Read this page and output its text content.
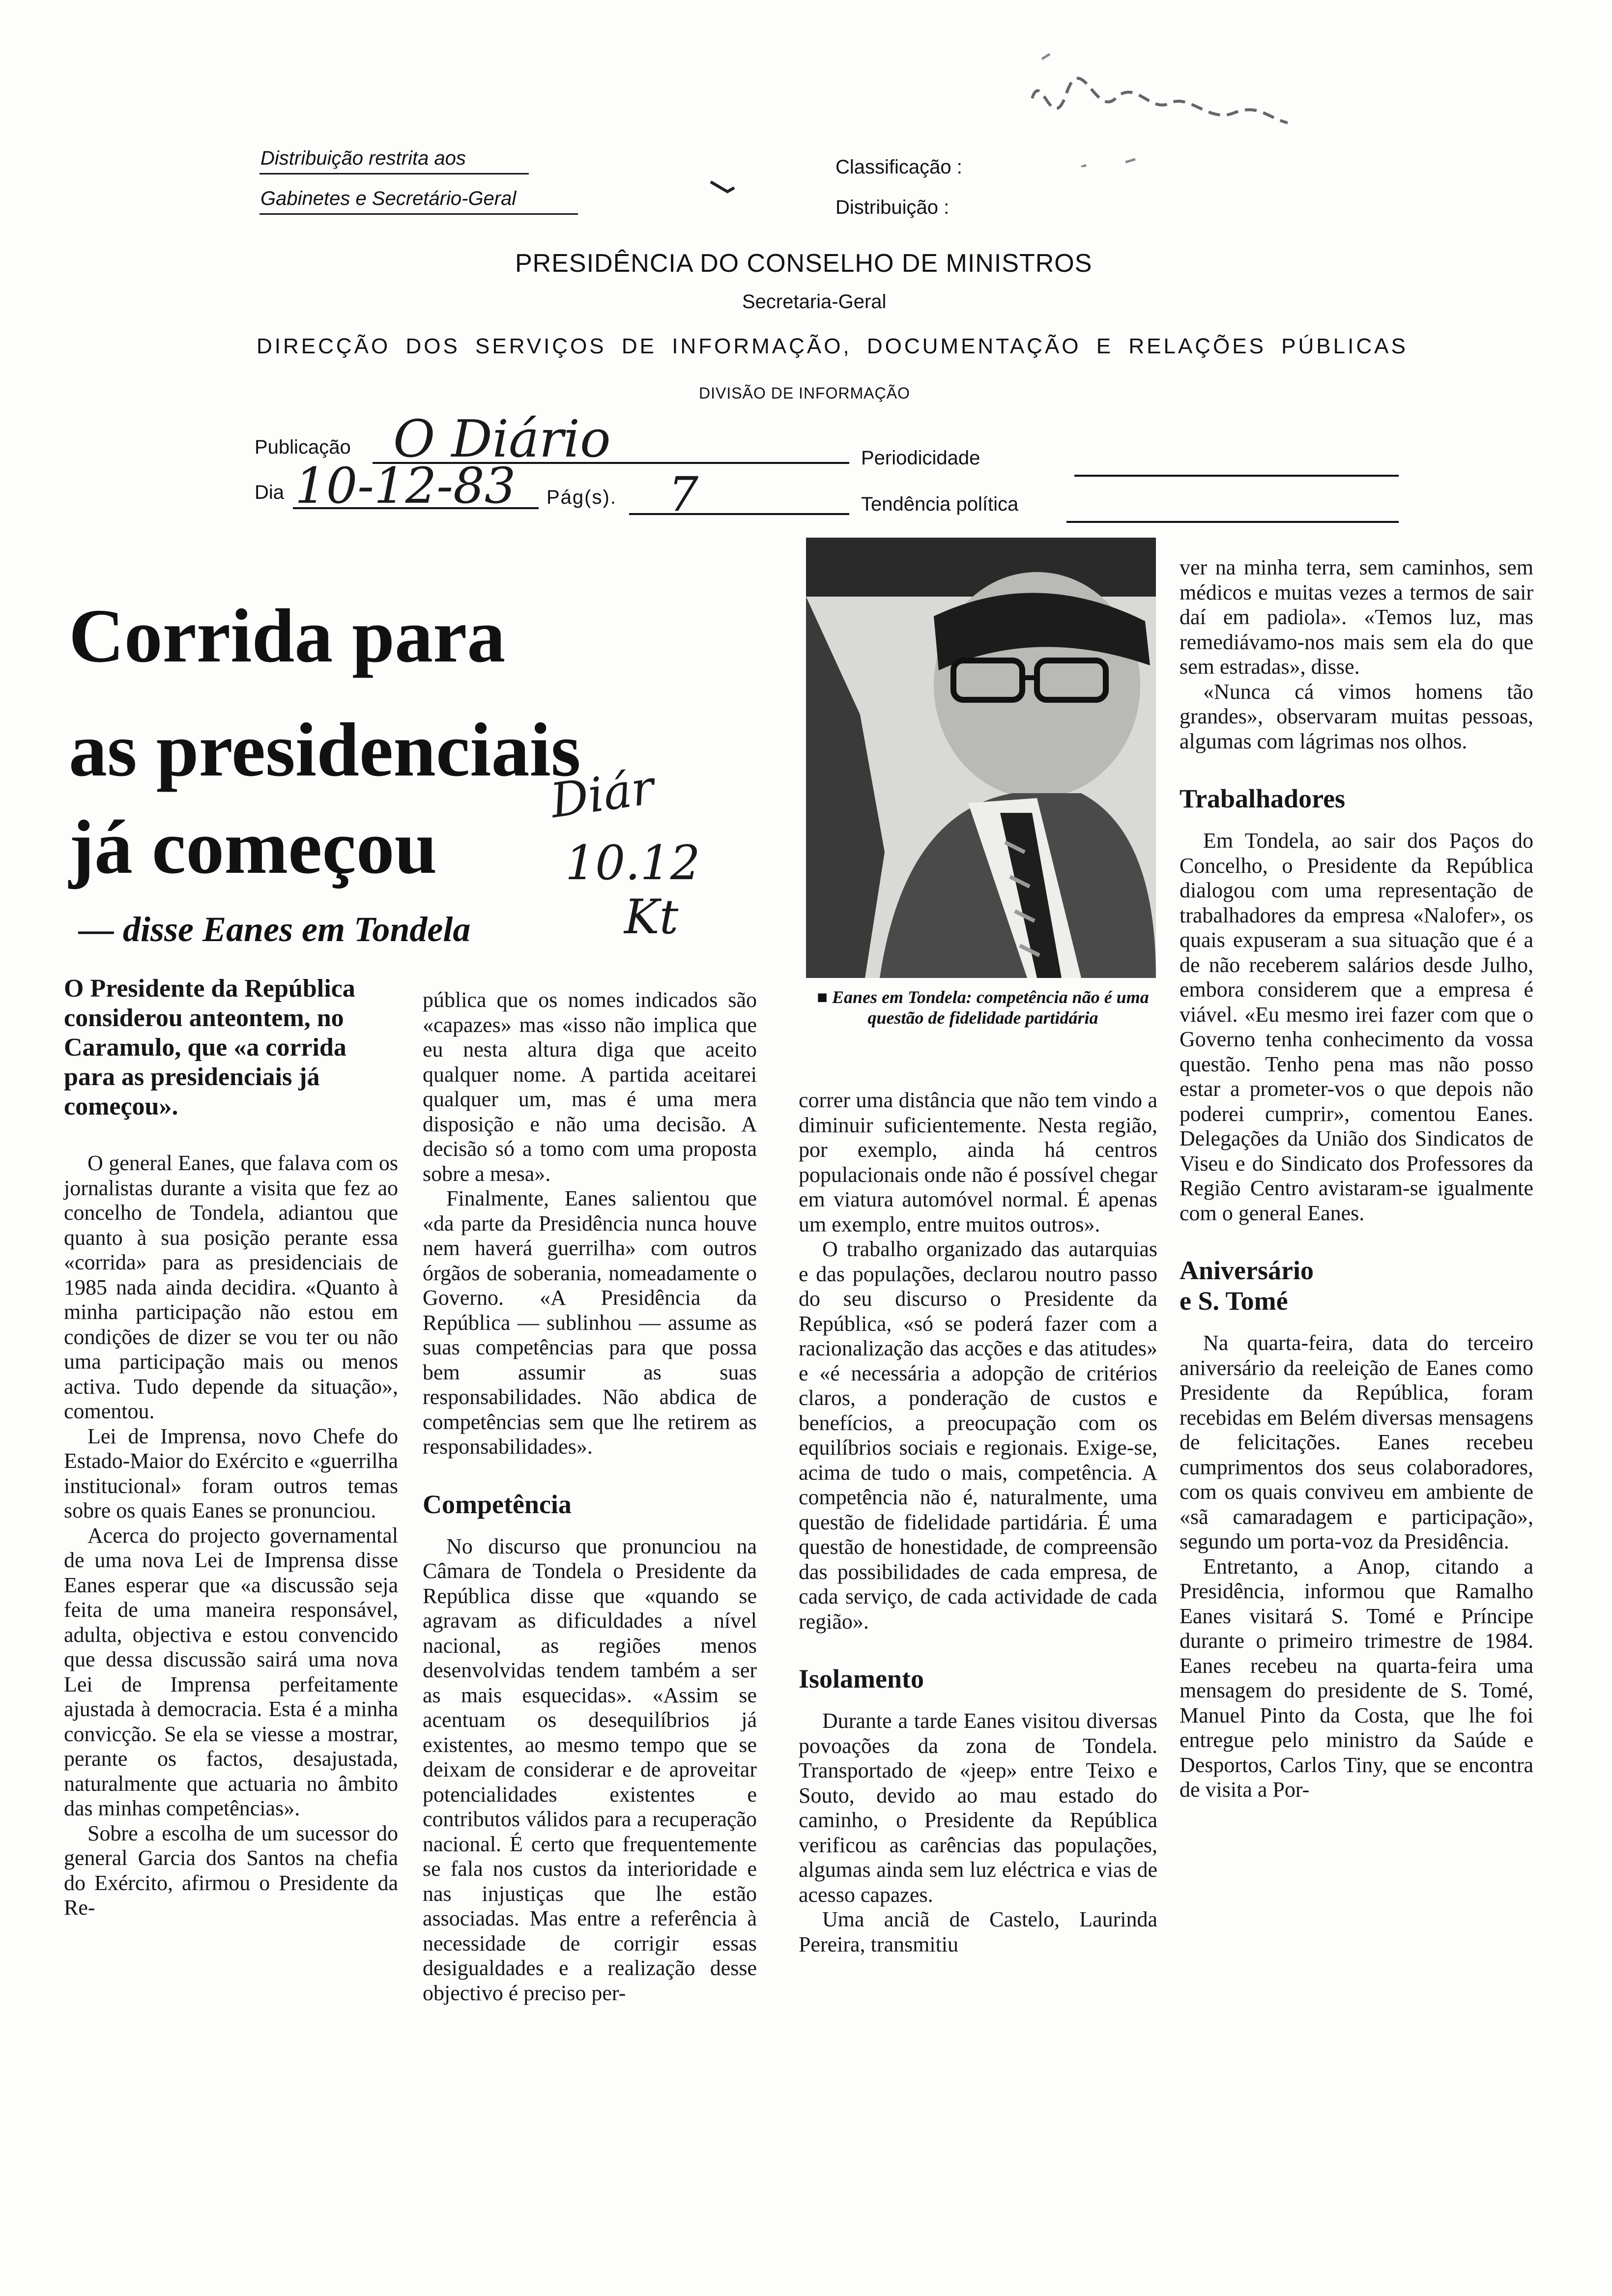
Distribuição restrita aos
Gabinetes e Secretário-Geral
Classificação :
Distribuição :
PRESIDÊNCIA DO CONSELHO DE MINISTROS
Secretaria-Geral
DIRECÇÃO DOS SERVIÇOS DE INFORMAÇÃO, DOCUMENTAÇÃO E RELAÇÕES PÚBLICAS
DIVISÃO DE INFORMAÇÃO
Publicação O Diário	Periodicidade
Dia 10-12-83 Pág(s). 7	Tendência política
Corrida para
as presidenciais
já começou
— disse Eanes em Tondela
Diár
10.12
Kt
■ Eanes em Tondela: competência não é uma questão de fidelidade partidária

O Presidente da República considerou anteontem, no Caramulo, que «a corrida para as presidenciais já começou».

O general Eanes, que falava com os jornalistas durante a visita que fez ao concelho de Tondela, adiantou que quanto à sua posição perante essa «corrida» para as presidenciais de 1985 nada ainda decidira. «Quanto à minha participação não estou em condições de dizer se vou ter ou não uma participação mais ou menos activa. Tudo depende da situação», comentou.

Lei de Imprensa, novo Chefe do Estado-Maior do Exército e «guerrilha institucional» foram outros temas sobre os quais Eanes se pronunciou.

Acerca do projecto governamental de uma nova Lei de Imprensa disse Eanes esperar que «a discussão seja feita de uma maneira responsável, adulta, objectiva e estou convencido que dessa discussão sairá uma nova Lei de Imprensa perfeitamente ajustada à democracia. Esta é a minha convicção. Se ela se viesse a mostrar, perante os factos, desajustada, naturalmente que actuaria no âmbito das minhas competências».

Sobre a escolha de um sucessor do general Garcia dos Santos na chefia do Exército, afirmou o Presidente da Re-

pública que os nomes indicados são «capazes» mas «isso não implica que eu nesta altura diga que aceito qualquer nome. A partida aceitarei qualquer um, mas é uma mera disposição e não uma decisão. A decisão só a tomo com uma proposta sobre a mesa».

Finalmente, Eanes salientou que «da parte da Presidência nunca houve nem haverá guerrilha» com outros órgãos de soberania, nomeadamente o Governo. «A Presidência da República — sublinhou — assume as suas competências para que possa bem assumir as suas responsabilidades. Não abdica de competências sem que lhe retirem as responsabilidades».

Competência

No discurso que pronunciou na Câmara de Tondela o Presidente da República disse que «quando se agravam as dificuldades a nível nacional, as regiões menos desenvolvidas tendem também a ser as mais esquecidas». «Assim se acentuam os desequilíbrios já existentes, ao mesmo tempo que se deixam de considerar e de aproveitar potencialidades existentes e contributos válidos para a recuperação nacional. É certo que frequentemente se fala nos custos da interioridade e nas injustiças que lhe estão associadas. Mas entre a referência à necessidade de corrigir essas desigualdades e a realização desse objectivo é preciso per-

correr uma distância que não tem vindo a diminuir suficientemente. Nesta região, por exemplo, ainda há centros populacionais onde não é possível chegar em viatura automóvel normal. É apenas um exemplo, entre muitos outros».

O trabalho organizado das autarquias e das populações, declarou noutro passo do seu discurso o Presidente da República, «só se poderá fazer com a racionalização das acções e das atitudes» e «é necessária a adopção de critérios claros, a ponderação de custos e benefícios, a preocupação com os equilíbrios sociais e regionais. Exige-se, acima de tudo o mais, competência. A competência não é, naturalmente, uma questão de fidelidade partidária. É uma questão de honestidade, de compreensão das possibilidades de cada empresa, de cada serviço, de cada actividade de cada região».

Isolamento

Durante a tarde Eanes visitou diversas povoações da zona de Tondela. Transportado de «jeep» entre Teixo e Souto, devido ao mau estado do caminho, o Presidente da República verificou as carências das populações, algumas ainda sem luz eléctrica e vias de acesso capazes.

Uma anciã de Castelo, Laurinda Pereira, transmitiu

ver na minha terra, sem caminhos, sem médicos e muitas vezes a termos de sair daí em padiola». «Temos luz, mas remediávamo-nos mais sem ela do que sem estradas», disse.

«Nunca cá vimos homens tão grandes», observaram muitas pessoas, algumas com lágrimas nos olhos.

Trabalhadores

Em Tondela, ao sair dos Paços do Concelho, o Presidente da República dialogou com uma representação de trabalhadores da empresa «Nalofer», os quais expuseram a sua situação que é a de não receberem salários desde Julho, embora considerem que a empresa é viável. «Eu mesmo irei fazer com que o Governo tenha conhecimento da vossa questão. Tenho pena mas não posso estar a prometer-vos o que depois não poderei cumprir», comentou Eanes. Delegações da União dos Sindicatos de Viseu e do Sindicato dos Professores da Região Centro avistaram-se igualmente com o general Eanes.

Aniversário
e S. Tomé

Na quarta-feira, data do terceiro aniversário da reeleição de Eanes como Presidente da República, foram recebidas em Belém diversas mensagens de felicitações. Eanes recebeu cumprimentos dos seus colaboradores, com os quais conviveu em ambiente de «sã camaradagem e participação», segundo um porta-voz da Presidência.

Entretanto, a Anop, citando a Presidência, informou que Ramalho Eanes visitará S. Tomé e Príncipe durante o primeiro trimestre de 1984. Eanes recebeu na quarta-feira uma mensagem do presidente de S. Tomé, Manuel Pinto da Costa, que lhe foi entregue pelo ministro da Saúde e Desportos, Carlos Tiny, que se encontra de visita a Por-
